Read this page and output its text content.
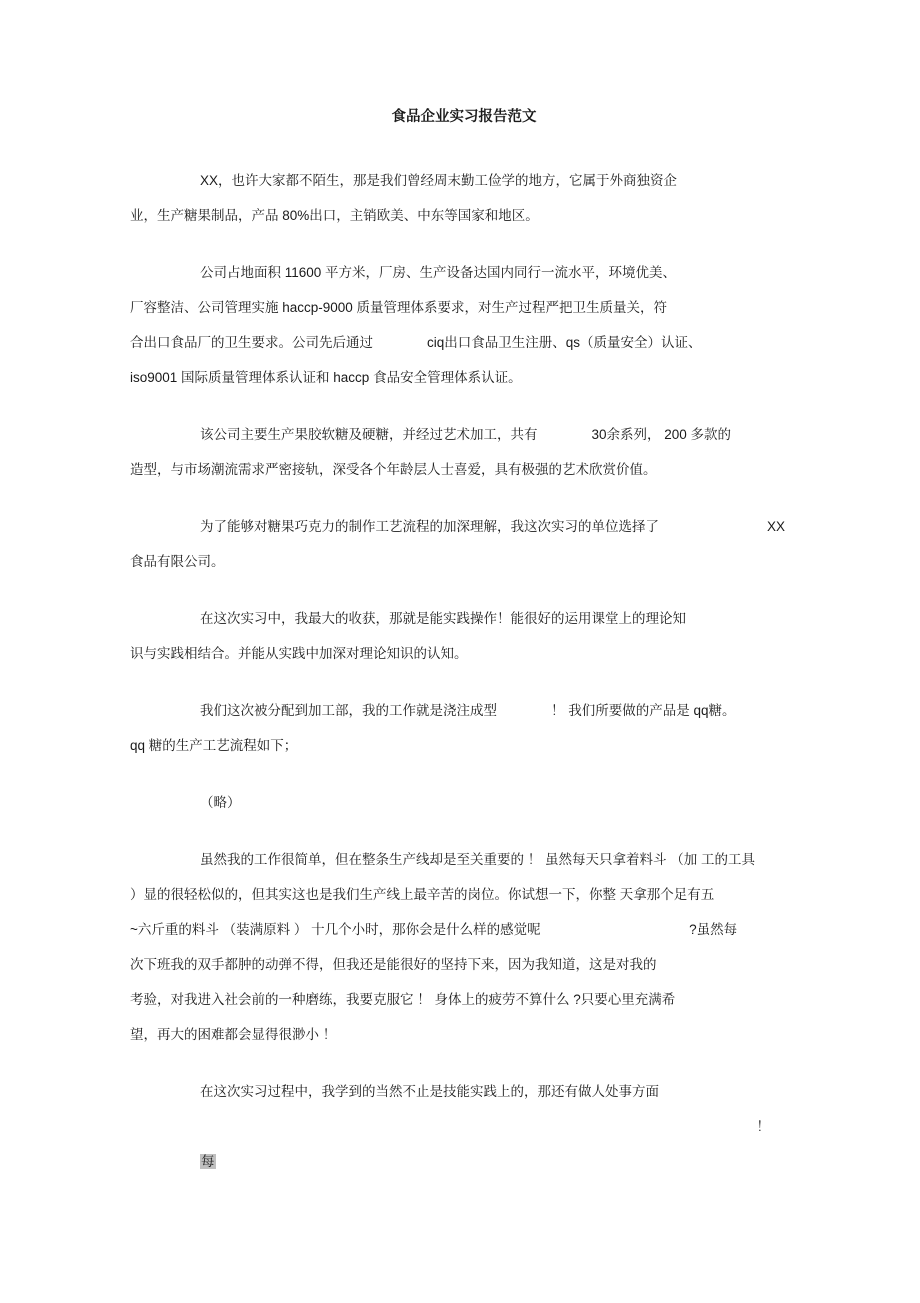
食品企业实习报告范文
XX，也许大家都不陌生，那是我们曾经周末勤工俭学的地方，它属于外商独资企
业，生产糖果制品，产品 80%出口，主销欧美、中东等国家和地区。
公司占地面积 11600 平方米，厂房、生产设备达国内同行一流水平，环境优美、
厂容整洁、公司管理实施 haccp-9000 质量管理体系要求，对生产过程严把卫生质量关，符
合出口食品厂的卫生要求。公司先后通过　　　　ciq出口食品卫生注册、qs（质量安全）认证、
iso9001 国际质量管理体系认证和 haccp 食品安全管理体系认证。
该公司主要生产果胶软糖及硬糖，并经过艺术加工，共有　　　　30余系列， 200 多款的
造型，与市场潮流需求严密接轨，深受各个年龄层人士喜爱，具有极强的艺术欣赏价值。
为了能够对糖果巧克力的制作工艺流程的加深理解，我这次实习的单位选择了　　　　　　　　XX
食品有限公司。
在这次实习中，我最大的收获，那就是能实践操作！能很好的运用课堂上的理论知
识与实践相结合。并能从实践中加深对理论知识的认知。
我们这次被分配到加工部，我的工作就是浇注成型　　　　！ 我们所要做的产品是 qq糖。
qq 糖的生产工艺流程如下；
（略）
虽然我的工作很简单，但在整条生产线却是至关重要的 ！ 虽然每天只拿着料斗 （加 工的工具
）显的很轻松似的，但其实这也是我们生产线上最辛苦的岗位。你试想一下，你整 天拿那个足有五
~六斤重的料斗 （装满原料 ） 十几个小时，那你会是什么样的感觉呢　　　　　　　　　　　?虽然每
次下班我的双手都肿的动弹不得，但我还是能很好的坚持下来，因为我知道，这是对我的
考验，对我进入社会前的一种磨练，我要克服它 ！ 身体上的疲劳不算什么 ?只要心里充满希
望，再大的困难都会显得很渺小 ！
在这次实习过程中，我学到的当然不止是技能实践上的，那还有做人处事方面
！
每
